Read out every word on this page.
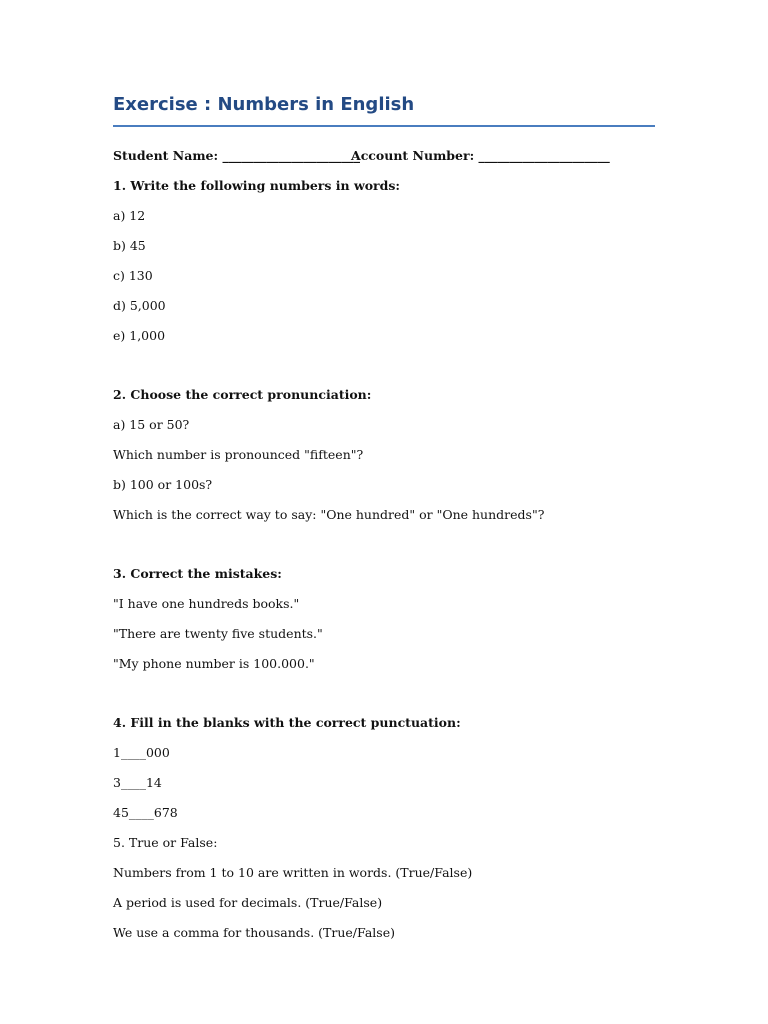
Exercise : Numbers in English
Student Name: ______________________
Account Number: _____________________
1. Write the following numbers in words:
a) 12
b) 45
c) 130
d) 5,000
e) 1,000
2. Choose the correct pronunciation:
a) 15 or 50?
Which number is pronounced "fifteen"?
b) 100 or 100s?
Which is the correct way to say: "One hundred" or "One hundreds"?
3. Correct the mistakes:
"I have one hundreds books."
"There are twenty five students."
"My phone number is 100.000."
4. Fill in the blanks with the correct punctuation:
1____000
3____14
45____678
5. True or False:
Numbers from 1 to 10 are written in words. (True/False)
A period is used for decimals. (True/False)
We use a comma for thousands. (True/False)
